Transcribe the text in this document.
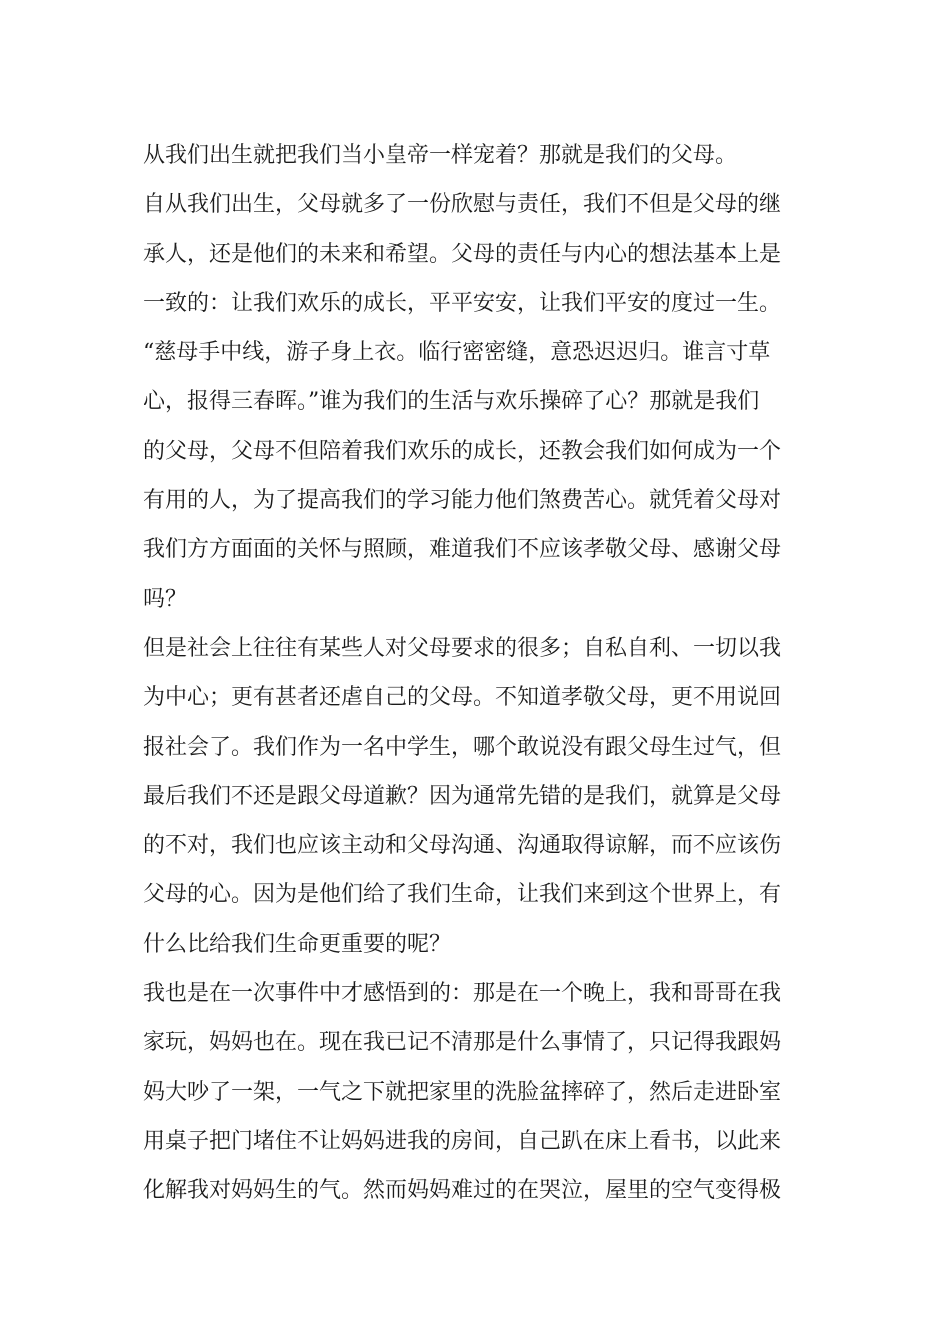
从我们出生就把我们当小皇帝一样宠着？那就是我们的父母。
自从我们出生，父母就多了一份欣慰与责任，我们不但是父母的继
承人，还是他们的未来和希望。父母的责任与内心的想法基本上是
一致的：让我们欢乐的成长，平平安安，让我们平安的度过一生。
“慈母手中线，游子身上衣。临行密密缝，意恐迟迟归。谁言寸草
心，报得三春晖。”谁为我们的生活与欢乐操碎了心？那就是我们
的父母，父母不但陪着我们欢乐的成长，还教会我们如何成为一个
有用的人，为了提高我们的学习能力他们煞费苦心。就凭着父母对
我们方方面面的关怀与照顾，难道我们不应该孝敬父母、感谢父母
吗？
但是社会上往往有某些人对父母要求的很多；自私自利、一切以我
为中心；更有甚者还虐自己的父母。不知道孝敬父母，更不用说回
报社会了。我们作为一名中学生，哪个敢说没有跟父母生过气，但
最后我们不还是跟父母道歉？因为通常先错的是我们，就算是父母
的不对，我们也应该主动和父母沟通、沟通取得谅解，而不应该伤
父母的心。因为是他们给了我们生命，让我们来到这个世界上，有
什么比给我们生命更重要的呢？
我也是在一次事件中才感悟到的：那是在一个晚上，我和哥哥在我
家玩，妈妈也在。现在我已记不清那是什么事情了，只记得我跟妈
妈大吵了一架，一气之下就把家里的洗脸盆摔碎了，然后走进卧室
用桌子把门堵住不让妈妈进我的房间，自己趴在床上看书，以此来
化解我对妈妈生的气。然而妈妈难过的在哭泣，屋里的空气变得极
